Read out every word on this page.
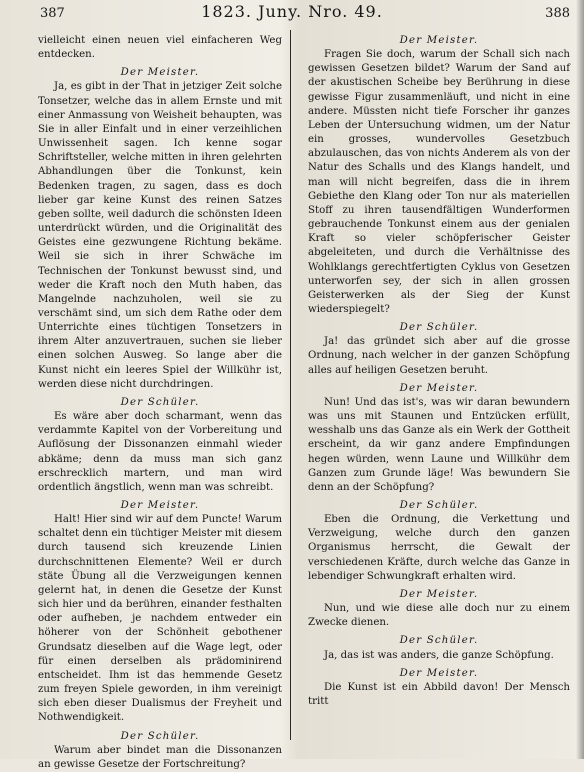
387	1823. Juny. Nro. 49.	388

vielleicht einen neuen viel einfacheren Weg entdecken.

Der Meister.

Ja, es gibt in der That in jetziger Zeit solche Tonsetzer, welche das in allem Ernste und mit einer Anmassung von Weisheit behaupten, was Sie in aller Einfalt und in einer verzeihlichen Unwissenheit sagen. Ich kenne sogar Schriftsteller, welche mitten in ihren gelehrten Abhandlungen über die Tonkunst, kein Bedenken tragen, zu sagen, dass es doch lieber gar keine Kunst des reinen Satzes geben sollte, weil dadurch die schönsten Ideen unterdrückt würden, und die Originalität des Geistes eine gezwungene Richtung bekäme. Weil sie sich in ihrer Schwäche im Technischen der Tonkunst bewusst sind, und weder die Kraft noch den Muth haben, das Mangelnde nachzuholen, weil sie zu verschämt sind, um sich dem Rathe oder dem Unterrichte eines tüchtigen Tonsetzers in ihrem Alter anzuvertrauen, suchen sie lieber einen solchen Ausweg. So lange aber die Kunst nicht ein leeres Spiel der Willkühr ist, werden diese nicht durchdringen.

Der Schüler.

Es wäre aber doch scharmant, wenn das verdammte Kapitel von der Vorbereitung und Auflösung der Dissonanzen einmahl wieder abkäme; denn da muss man sich ganz erschrecklich martern, und man wird ordentlich ängstlich, wenn man was schreibt.

Der Meister.

Halt! Hier sind wir auf dem Puncte! Warum schaltet denn ein tüchtiger Meister mit diesem durch tausend sich kreuzende Linien durchschnittenen Elemente? Weil er durch stäte Übung all die Verzweigungen kennen gelernt hat, in denen die Gesetze der Kunst sich hier und da berühren, einander festhalten oder aufheben, je nachdem entweder ein höherer von der Schönheit gebothener Grundsatz dieselben auf die Wage legt, oder für einen derselben als prädominirend entscheidet. Ihm ist das hemmende Gesetz zum freyen Spiele geworden, in ihm vereinigt sich eben dieser Dualismus der Freyheit und Nothwendigkeit.

Der Schüler.

Warum aber bindet man die Dissonanzen an gewisse Gesetze der Fortschreitung?

Der Meister.

Fragen Sie doch, warum der Schall sich nach gewissen Gesetzen bildet? Warum der Sand auf der akustischen Scheibe bey Berührung in diese gewisse Figur zusammenläuft, und nicht in eine andere. Müssten nicht tiefe Forscher ihr ganzes Leben der Untersuchung widmen, um der Natur ein grosses, wundervolles Gesetzbuch abzulauschen, das von nichts Anderem als von der Natur des Schalls und des Klangs handelt, und man will nicht begreifen, dass die in ihrem Gebiethe den Klang oder Ton nur als materiellen Stoff zu ihren tausendfältigen Wunderformen gebrauchende Tonkunst einem aus der genialen Kraft so vieler schöpferischer Geister abgeleiteten, und durch die Verhältnisse des Wohlklangs gerechtfertigten Cyklus von Gesetzen unterworfen sey, der sich in allen grossen Geisterwerken als der Sieg der Kunst wiederspiegelt?

Der Schüler.

Ja! das gründet sich aber auf die grosse Ordnung, nach welcher in der ganzen Schöpfung alles auf heiligen Gesetzen beruht.

Der Meister.

Nun! Und das ist's, was wir daran bewundern was uns mit Staunen und Entzücken erfüllt, wesshalb uns das Ganze als ein Werk der Gottheit erscheint, da wir ganz andere Empfindungen hegen würden, wenn Laune und Willkühr dem Ganzen zum Grunde läge! Was bewundern Sie denn an der Schöpfung?

Der Schüler.

Eben die Ordnung, die Verkettung und Verzweigung, welche durch den ganzen Organismus herrscht, die Gewalt der verschiedenen Kräfte, durch welche das Ganze in lebendiger Schwungkraft erhalten wird.

Der Meister.

Nun, und wie diese alle doch nur zu einem Zwecke dienen.

Der Schüler.

Ja, das ist was anders, die ganze Schöpfung.

Der Meister.

Die Kunst ist ein Abbild davon! Der Mensch tritt
